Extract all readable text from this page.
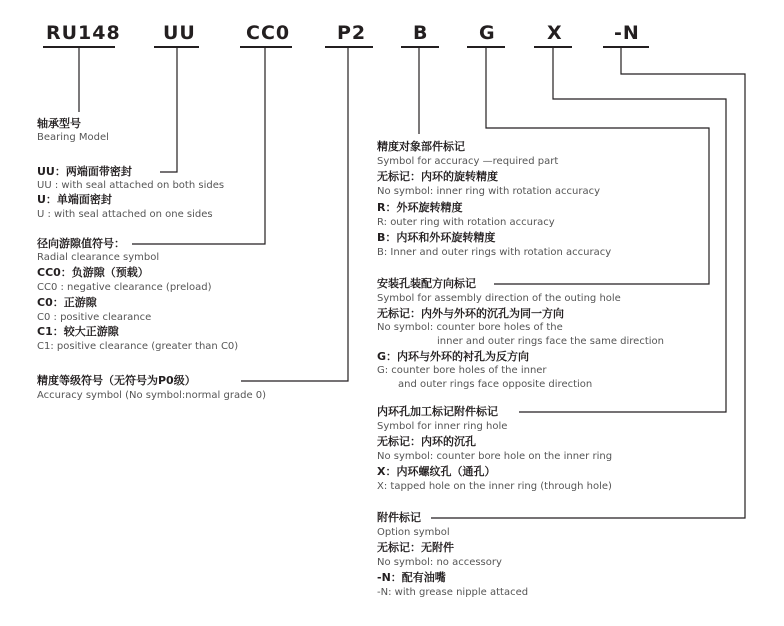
RU148 UU	CC0 P2 B	G	X	-N
轴承型号
Bearing Model
UU：两端面带密封
UU : with seal attached on both sides
U：单端面密封
U : with seal attached on one sides
径向游隙值符号：
Radial clearance symbol
CC0：负游隙（预载）
CC0 : negative clearance (preload)
C0：正游隙
C0 : positive clearance
C1：较大正游隙
C1: positive clearance (greater than C0)
精度等级符号（无符号为P0级）
Accuracy symbol (No symbol:normal grade 0)
精度对象部件标记
Symbol for accuracy —required part
无标记：内环的旋转精度
No symbol: inner ring with rotation accuracy
R：外环旋转精度
R: outer ring with rotation accuracy
B：内环和外环旋转精度
B: Inner and outer rings with rotation accuracy
安装孔装配方向标记
Symbol for assembly direction of the outing hole
无标记：内外与外环的沉孔为同一方向
No symbol: counter bore holes of the
inner and outer rings face the same direction
G：内环与外环的衬孔为反方向
G: counter bore holes of the inner
and outer rings face opposite direction
内环孔加工标记附件标记
Symbol for inner ring hole
无标记：内环的沉孔
No symbol: counter bore hole on the inner ring
X：内环螺纹孔（通孔）
X: tapped hole on the inner ring (through hole)
附件标记
Option symbol
无标记：无附件
No symbol: no accessory
-N：配有油嘴
-N: with grease nipple attaced
